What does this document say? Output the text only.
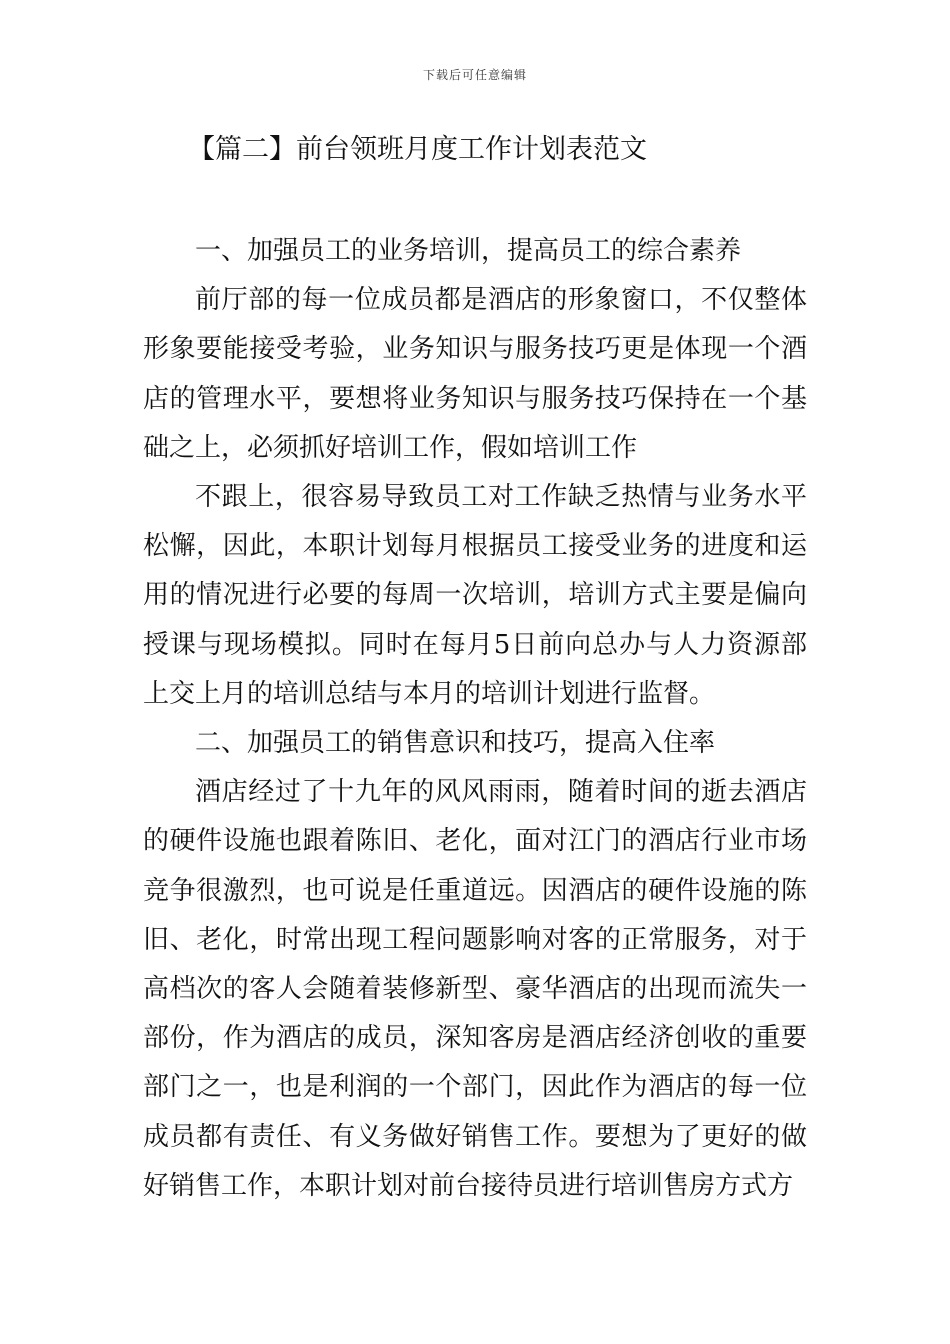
下载后可任意编辑
【篇二】前台领班月度工作计划表范文

一、加强员工的业务培训，提高员工的综合素养

前厅部的每一位成员都是酒店的形象窗口，不仅整体形象要能接受考验，业务知识与服务技巧更是体现一个酒店的管理水平，要想将业务知识与服务技巧保持在一个基础之上，必须抓好培训工作，假如培训工作

不跟上，很容易导致员工对工作缺乏热情与业务水平松懈，因此，本职计划每月根据员工接受业务的进度和运用的情况进行必要的每周一次培训，培训方式主要是偏向授课与现场模拟。同时在每月5日前向总办与人力资源部上交上月的培训总结与本月的培训计划进行监督。

二、加强员工的销售意识和技巧，提高入住率

酒店经过了十九年的风风雨雨，随着时间的逝去酒店的硬件设施也跟着陈旧、老化，面对江门的酒店行业市场竞争很激烈，也可说是任重道远。因酒店的硬件设施的陈旧、老化，时常出现工程问题影响对客的正常服务，对于高档次的客人会随着装修新型、豪华酒店的出现而流失一部份，作为酒店的成员，深知客房是酒店经济创收的重要部门之一，也是利润的一个部门，因此作为酒店的每一位成员都有责任、有义务做好销售工作。要想为了更好的做好销售工作，本职计划对前台接待员进行培训售房方式方
